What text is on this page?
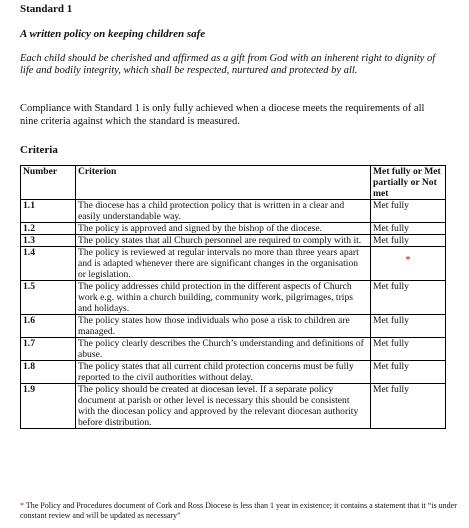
Standard 1
A written policy on keeping children safe
Each child should be cherished and affirmed as a gift from God with an inherent right to dignity of life and bodily integrity, which shall be respected, nurtured and protected by all.
Compliance with Standard 1 is only fully achieved when a diocese meets the requirements of all nine criteria against which the standard is measured.
Criteria
Number	Criterion	Met fully or Met partially or Not met
1.1	The diocese has a child protection policy that is written in a clear and easily understandable way.	Met fully
1.2	The policy is approved and signed by the bishop of the diocese.	Met fully
1.3	The policy states that all Church personnel are required to comply with it.	Met fully
1.4	The policy is reviewed at regular intervals no more than three years apart and is adapted whenever there are significant changes in the organisation or legislation.	*

1.5	The policy addresses child protection in the different aspects of Church work e.g. within a church building, community work, pilgrimages, trips and holidays.	Met fully
1.6	The policy states how those individuals who pose a risk to children are managed.	Met fully
1.7	The policy clearly describes the Church’s understanding and definitions of abuse.	Met fully
1.8	The policy states that all current child protection concerns must be fully reported to the civil authorities without delay.	Met fully
1.9	The policy should be created at diocesan level. If a separate policy document at parish or other level is necessary this should be consistent with the diocesan policy and approved by the relevant diocesan authority before distribution.	Met fully
* The Policy and Procedures document of Cork and Ross Diocese is less than 1 year in existence; it contains a statement that it “is under constant review and will be updated as necessary”
